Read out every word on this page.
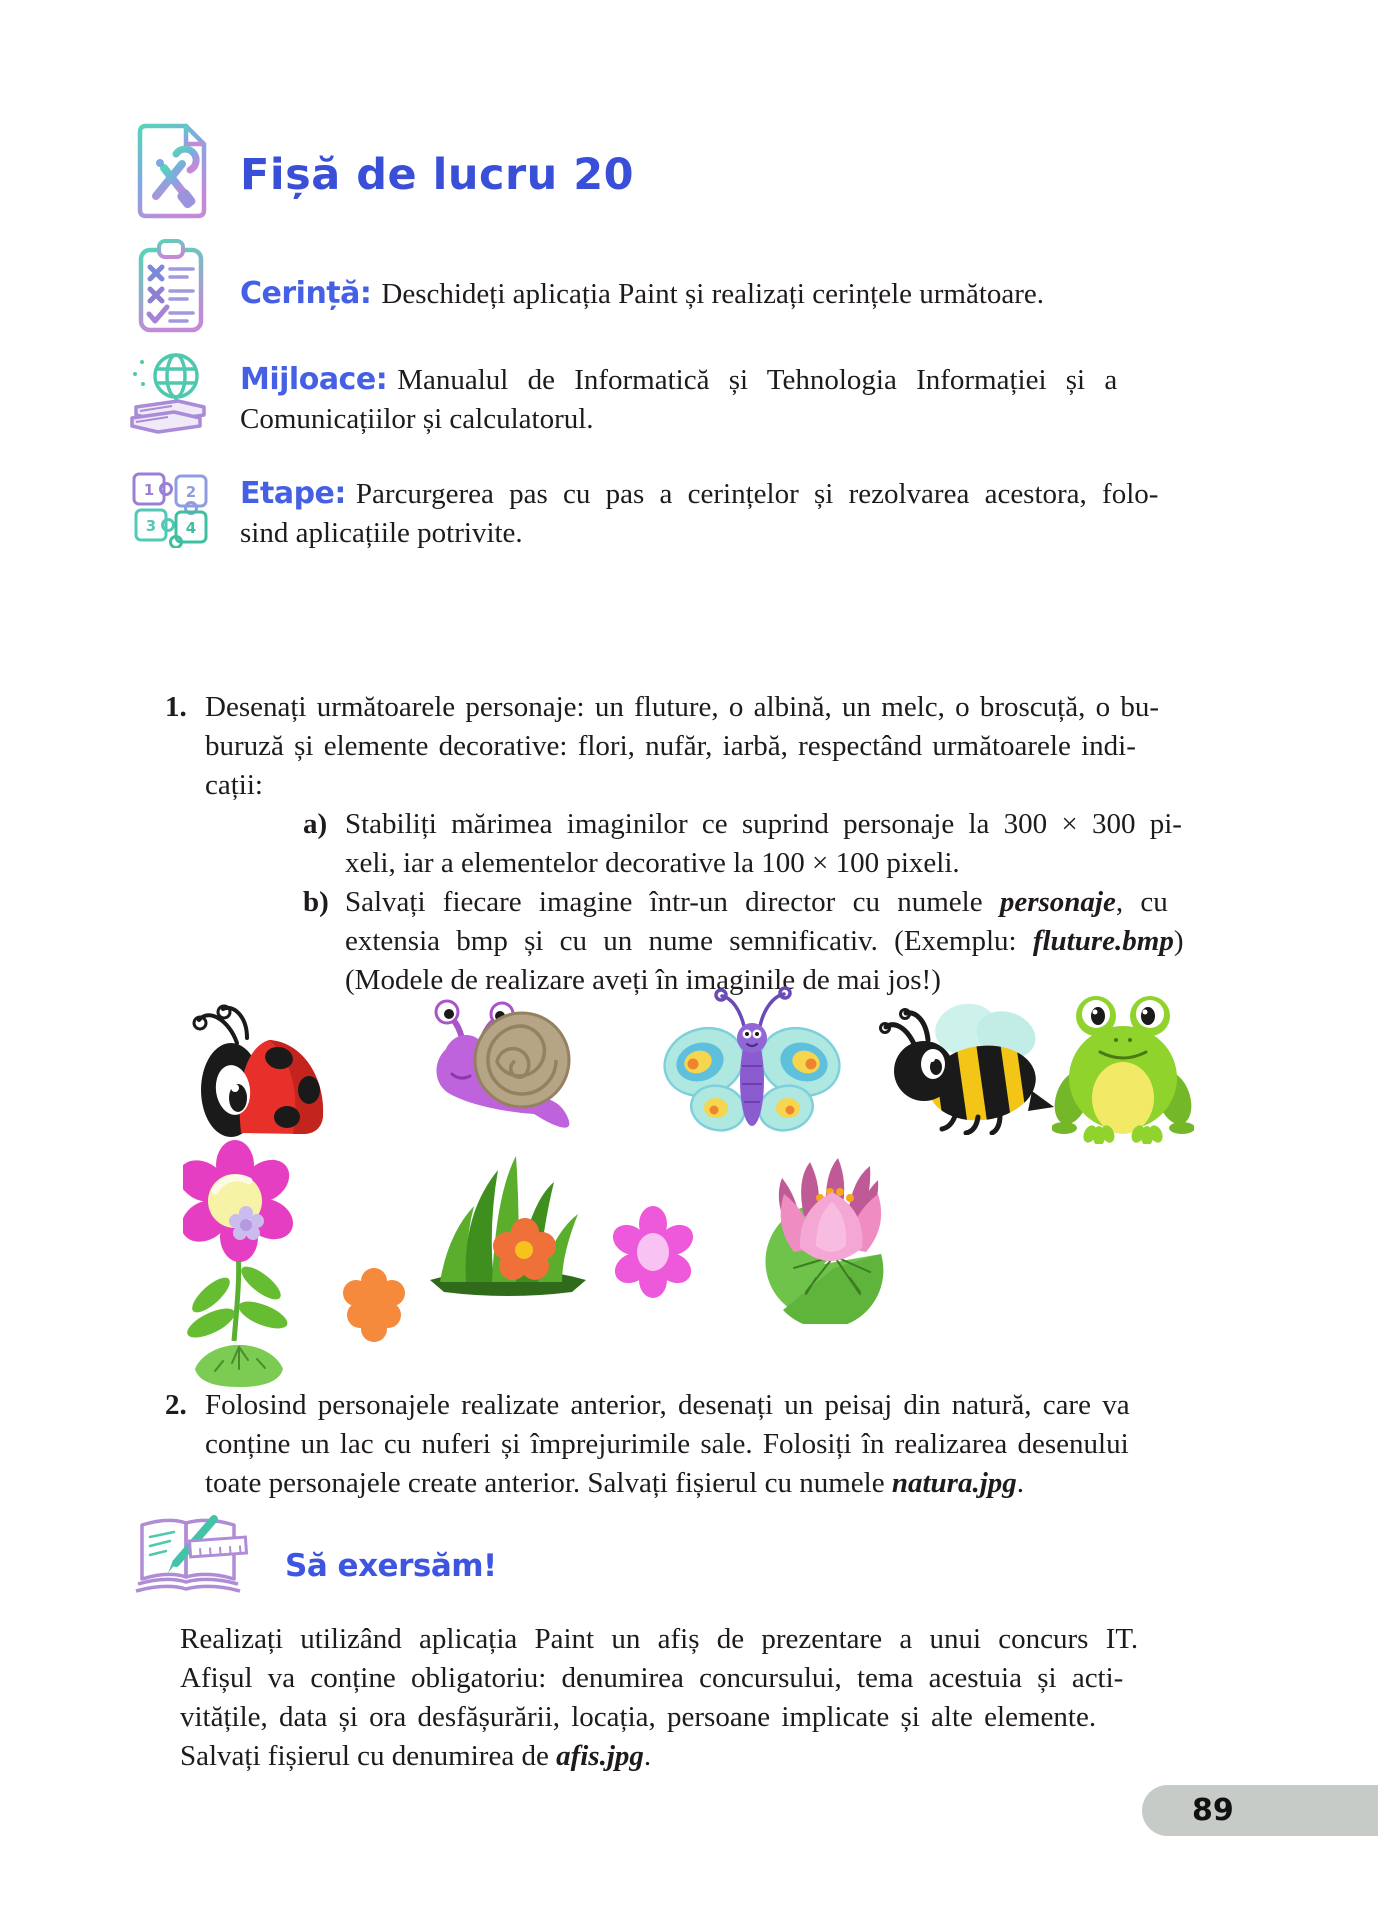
Fișă de lucru 20
Cerință: Deschideți aplicația Paint și realizați cerințele următoare.
Mijloace: Manualul de Informatică și Tehnologia Informației și a
Comunicațiilor și calculatorul.
1 2
3 4
Etape: Parcurgerea pas cu pas a cerințelor și rezolvarea acestora, folo-
sind aplicațiile potrivite.
1. Desenați următoarele personaje: un fluture, o albină, un melc, o broscuță, o bu-
buruză și elemente decorative: flori, nufăr, iarbă, respectând următoarele indi-
cații:
a) Stabiliți mărimea imaginilor ce suprind personaje la 300 × 300 pi-
xeli, iar a elementelor decorative la 100 × 100 pixeli.
b) Salvați fiecare imagine într-un director cu numele personaje, cu
extensia bmp și cu un nume semnificativ. (Exemplu: fluture.bmp)
(Modele de realizare aveți în imaginile de mai jos!)
2. Folosind personajele realizate anterior, desenați un peisaj din natură, care va
conține un lac cu nuferi și împrejurimile sale. Folosiți în realizarea desenului
toate personajele create anterior. Salvați fișierul cu numele natura.jpg.
Să exersăm!
Realizați utilizând aplicația Paint un afiș de prezentare a unui concurs IT.
Afișul va conține obligatoriu: denumirea concursului, tema acestuia și acti-
vitățile, data și ora desfășurării, locația, persoane implicate și alte elemente.
Salvați fișierul cu denumirea de afis.jpg.
89
